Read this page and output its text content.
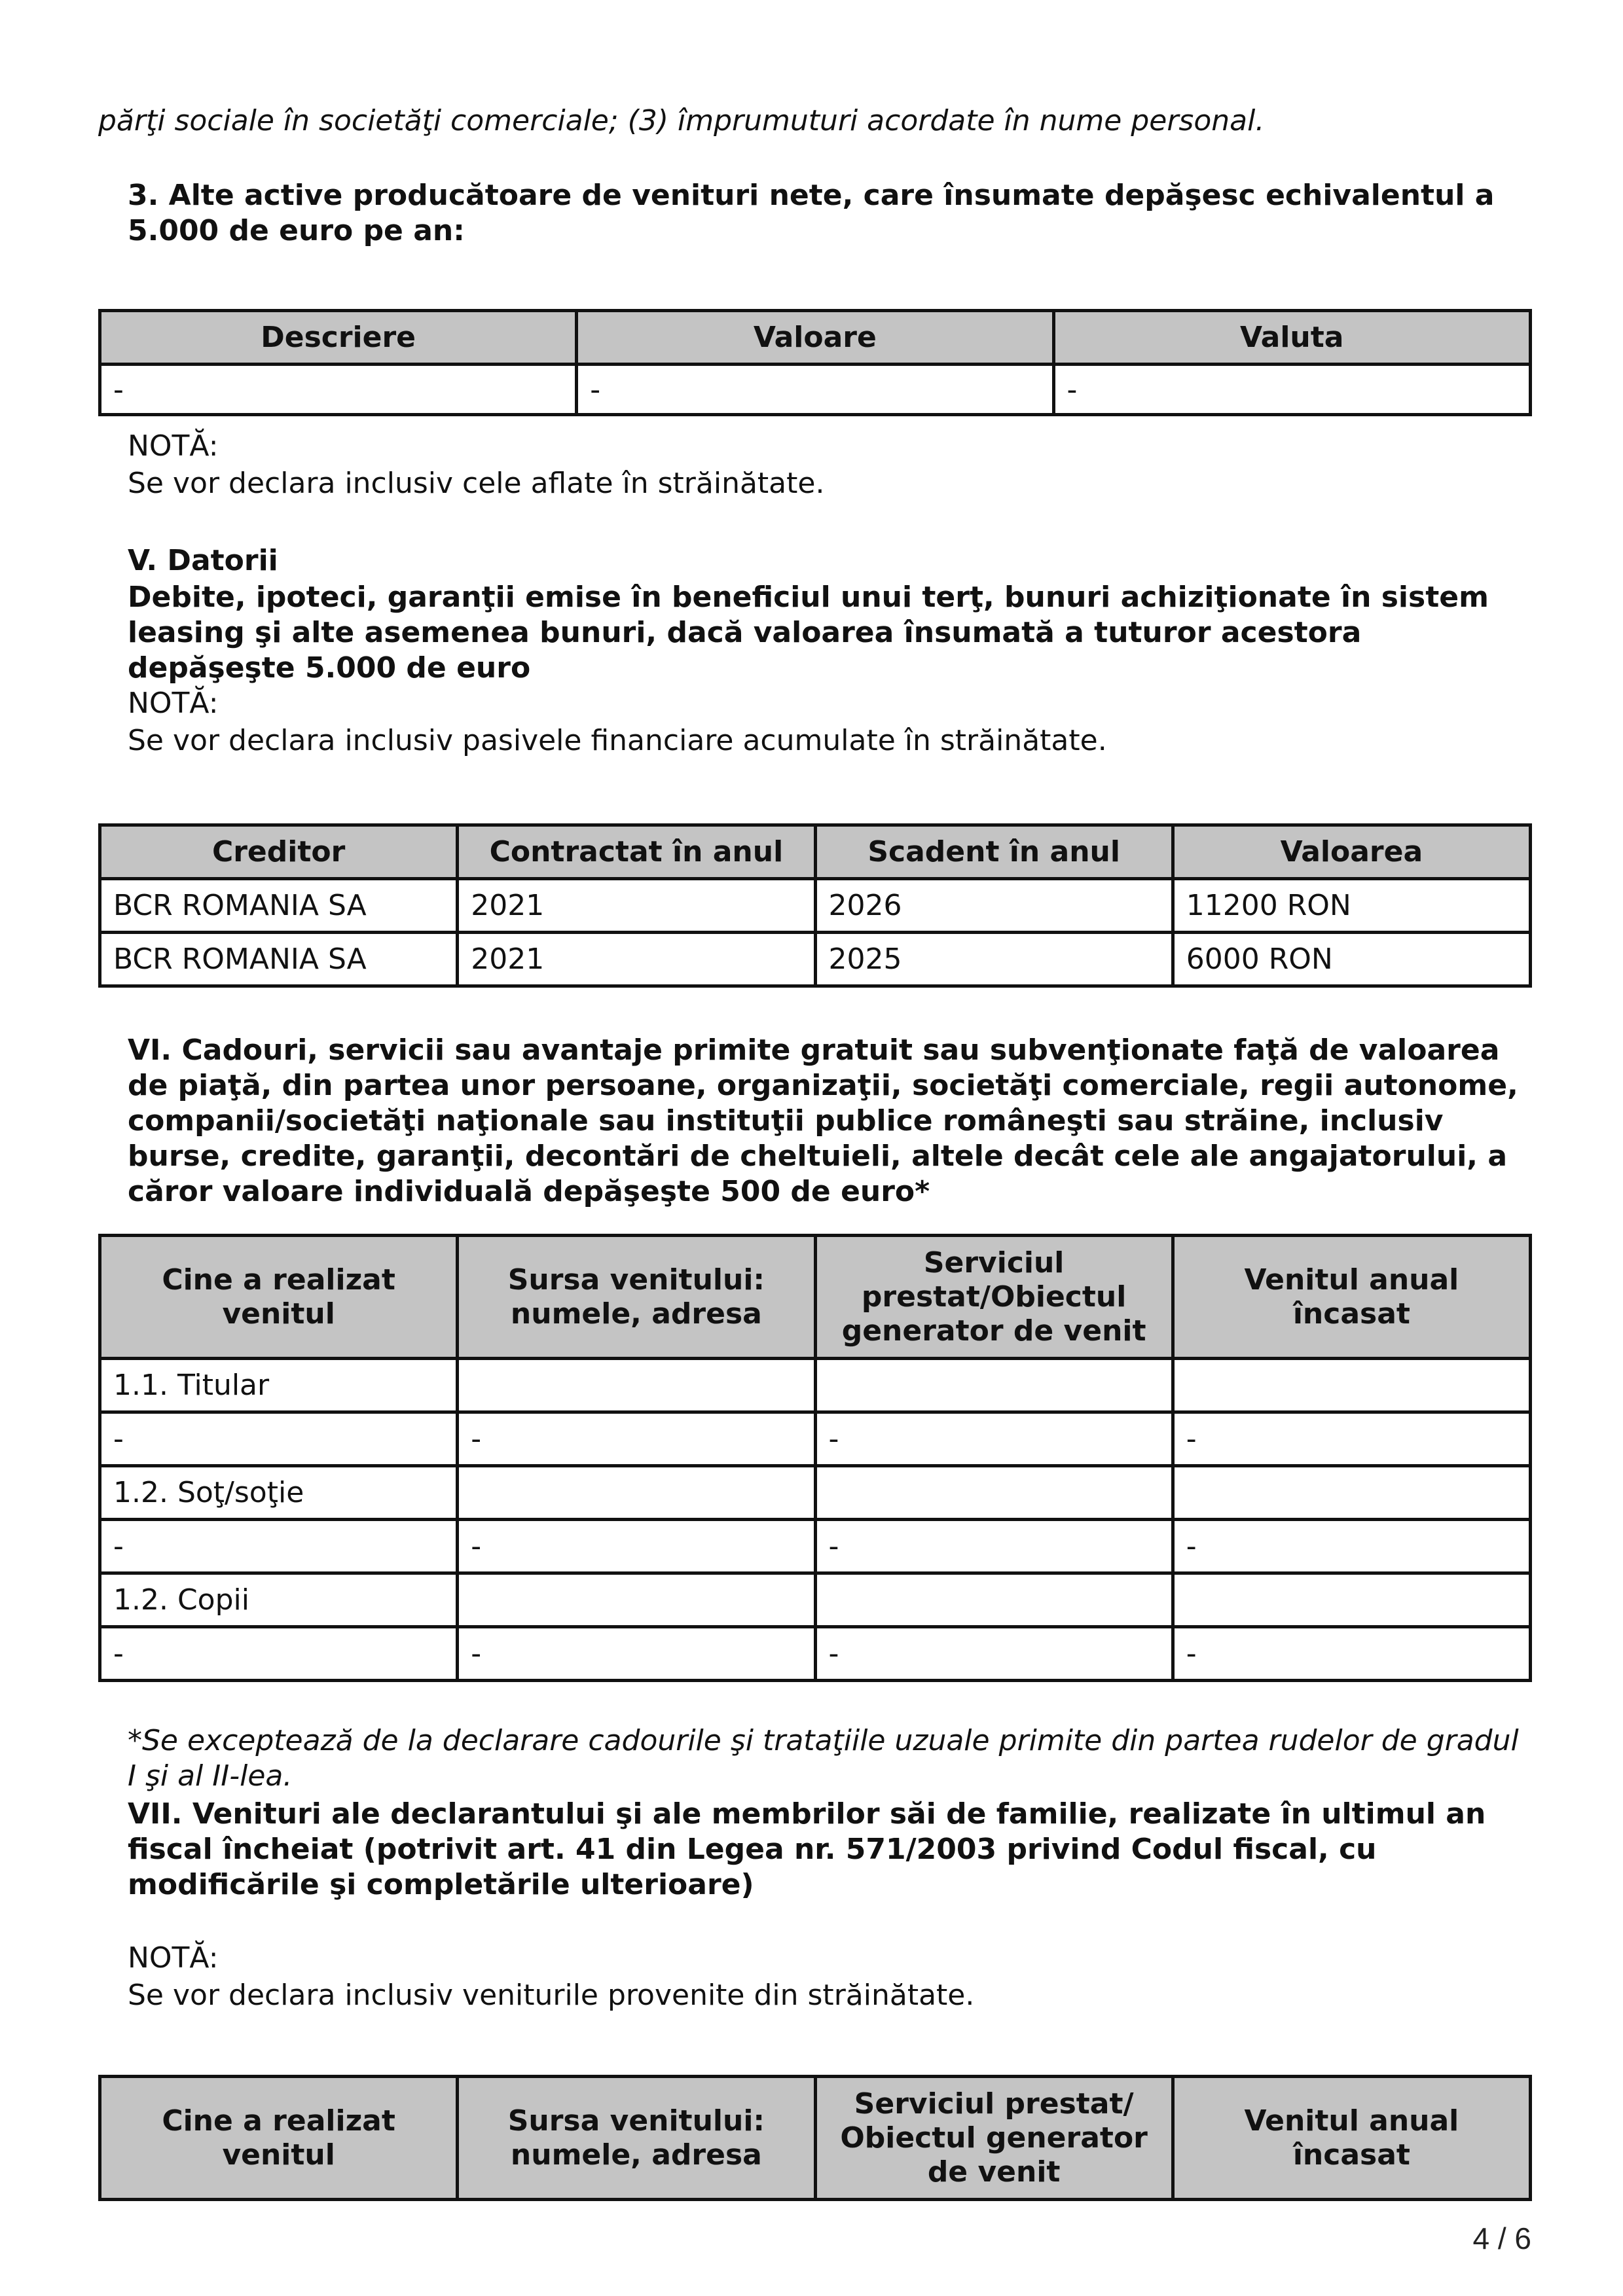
părţi sociale în societăţi comerciale; (3) împrumuturi acordate în nume personal.

3. Alte active producătoare de venituri nete, care însumate depăşesc echivalentul a 5.000 de euro pe an:

Descriere	Valoare	Valuta
-	-	-

NOTĂ:

Se vor declara inclusiv cele aflate în străinătate.

V. Datorii

Debite, ipoteci, garanţii emise în beneficiul unui terţ, bunuri achiziţionate în sistem leasing şi alte asemenea bunuri, dacă valoarea însumată a tuturor acestora depăşeşte 5.000 de euro

NOTĂ:

Se vor declara inclusiv pasivele financiare acumulate în străinătate.

Creditor	Contractat în anul	Scadent în anul	Valoarea
BCR ROMANIA SA	2021	2026	11200 RON
BCR ROMANIA SA	2021	2025	6000 RON

VI. Cadouri, servicii sau avantaje primite gratuit sau subvenţionate faţă de valoarea de piaţă, din partea unor persoane, organizaţii, societăţi comerciale, regii autonome, companii/societăţi naţionale sau instituţii publice româneşti sau străine, inclusiv burse, credite, garanţii, decontări de cheltuieli, altele decât cele ale angajatorului, a căror valoare individuală depăşeşte 500 de euro*

Cine a realizat venitul	Sursa venitului: numele, adresa	Serviciul prestat/Obiectul generator de venit	Venitul anual încasat
1.1. Titular			
-	-	-	-
1.2. Soţ/soţie			
-	-	-	-
1.2. Copii			
-	-	-	-

*Se exceptează de la declarare cadourile şi trataţiile uzuale primite din partea rudelor de gradul I şi al II-lea.

VII. Venituri ale declarantului şi ale membrilor săi de familie, realizate în ultimul an fiscal încheiat (potrivit art. 41 din Legea nr. 571/2003 privind Codul fiscal, cu modificările şi completările ulterioare)

NOTĂ:

Se vor declara inclusiv veniturile provenite din străinătate.

Cine a realizat venitul	Sursa venitului: numele, adresa	Serviciul prestat/ Obiectul generator de venit	Venitul anual încasat
4 / 6
